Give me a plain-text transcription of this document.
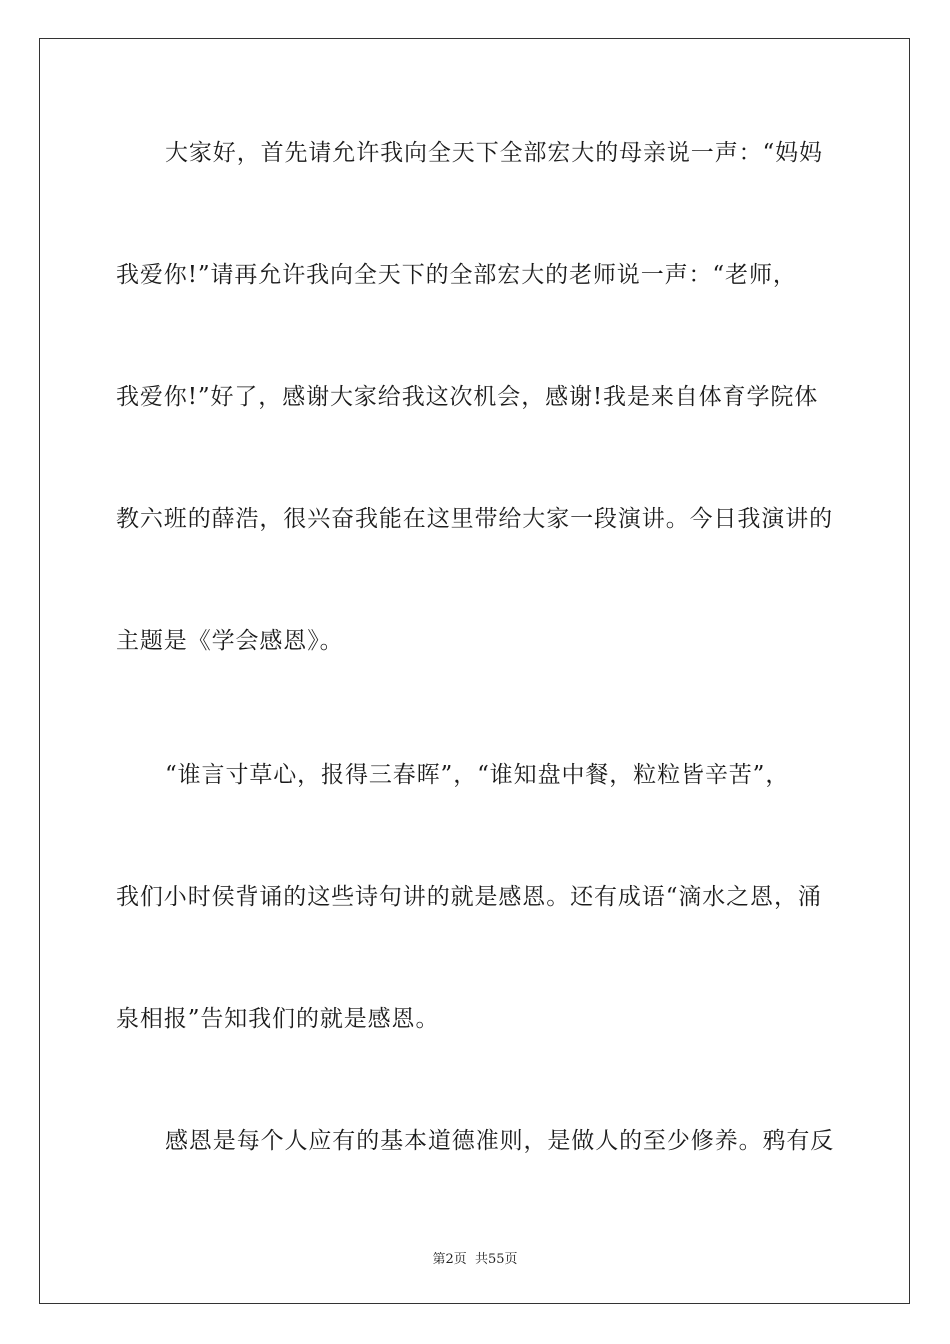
大家好，首先请允许我向全天下全部宏大的母亲说一声：“妈妈
我爱你!”请再允许我向全天下的全部宏大的老师说一声：“老师，
我爱你!”好了，感谢大家给我这次机会，感谢!我是来自体育学院体
教六班的薛浩，很兴奋我能在这里带给大家一段演讲。今日我演讲的
主题是《学会感恩》。
“谁言寸草心，报得三春晖”，“谁知盘中餐，粒粒皆辛苦”，
我们小时侯背诵的这些诗句讲的就是感恩。还有成语“滴水之恩，涌
泉相报”告知我们的就是感恩。
感恩是每个人应有的基本道德准则，是做人的至少修养。鸦有反
第2页 共55页
